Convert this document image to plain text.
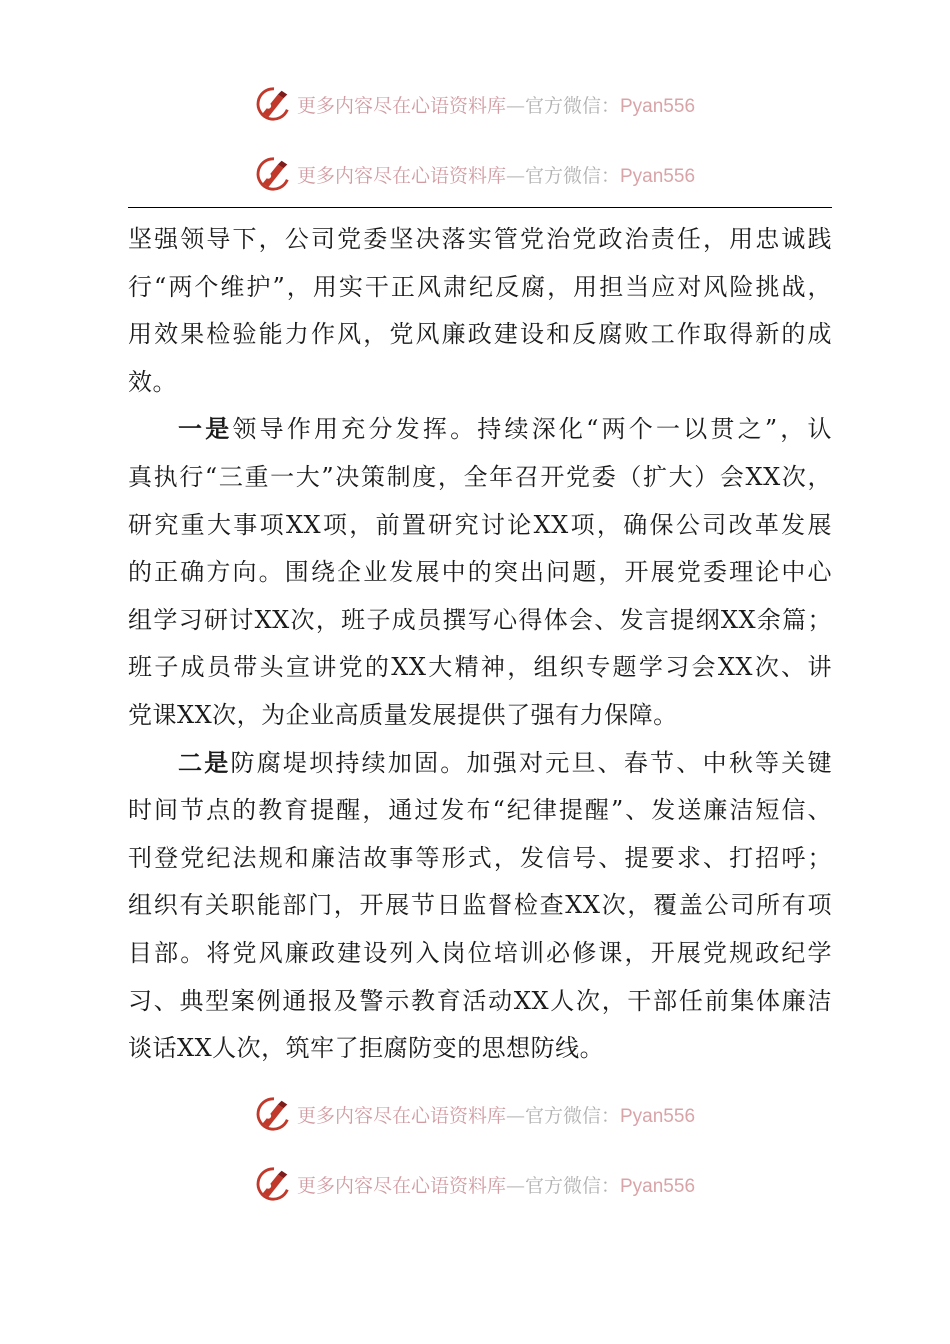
更多内容尽在心语资料库—官方微信：Pyan556
更多内容尽在心语资料库—官方微信：Pyan556
坚强领导下，公司党委坚决落实管党治党政治责任，用忠诚践
行“两个维护”，用实干正风肃纪反腐，用担当应对风险挑战，
用效果检验能力作风，党风廉政建设和反腐败工作取得新的成
效。
一是领导作用充分发挥。持续深化“两个一以贯之”，认
真执行“三重一大”决策制度，全年召开党委（扩大）会XX次，
研究重大事项XX项，前置研究讨论XX项，确保公司改革发展
的正确方向。围绕企业发展中的突出问题，开展党委理论中心
组学习研讨XX次，班子成员撰写心得体会、发言提纲XX余篇；
班子成员带头宣讲党的XX大精神，组织专题学习会XX次、讲
党课XX次，为企业高质量发展提供了强有力保障。
二是防腐堤坝持续加固。加强对元旦、春节、中秋等关键
时间节点的教育提醒，通过发布“纪律提醒”、发送廉洁短信、
刊登党纪法规和廉洁故事等形式，发信号、提要求、打招呼；
组织有关职能部门，开展节日监督检查XX次，覆盖公司所有项
目部。将党风廉政建设列入岗位培训必修课，开展党规政纪学
习、典型案例通报及警示教育活动XX人次，干部任前集体廉洁
谈话XX人次，筑牢了拒腐防变的思想防线。
更多内容尽在心语资料库—官方微信：Pyan556
更多内容尽在心语资料库—官方微信：Pyan556
